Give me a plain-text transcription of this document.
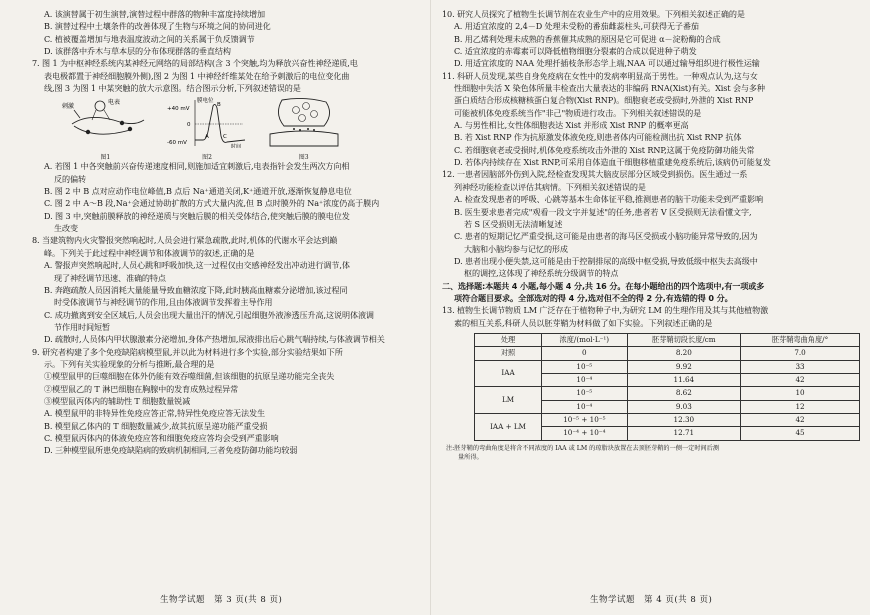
A. 该演替属于初生演替,演替过程中群落的物种丰富度持续增加
B. 演替过程中土壤条件的改善体现了生物与环境之间的协同进化
C. 植被覆盖增加与地表温度波动之间的关系属于负反馈调节
D. 该群落中乔木与草本层的分布体现群落的垂直结构
7. 图 1 为中枢神经系统内某神经元网络的局部结构(含 3 个突触,均为释放兴奋性神经递质,电
表电极都置于神经细胞膜外侧),图 2 为图 1 中神经纤维某处在给予刺激后的电位变化曲
线,图 3 为图 1 中某突触的放大示意图。结合图示分析,下列叙述错误的是
刺激
电表
图1
膜电位
+40 mV
0
-60 mV
A
B
C
时间
图2	图3
A. 若图 1 中各突触前兴奋传递速度相同,则施加适宜刺激后,电表指针会发生两次方向相
反的偏转
B. 图 2 中 B 点对应动作电位峰值,B 点后 Na⁺通道关闭,K⁺通道开放,逐渐恢复静息电位
C. 图 2 中 A～B 段,Na⁺会通过协助扩散的方式大量内流,但 B 点时膜外的 Na⁺浓度仍高于膜内
D. 图 3 中,突触前膜释放的神经递质与突触后膜的相关受体结合,使突触后膜的膜电位发
生改变
8. 当建筑物内火灾警报突然响起时,人员会进行紧急疏散,此时,机体的代谢水平会达到巅
峰。下列关于此过程中神经调节和体液调节的叙述,正确的是
A. 警报声突然响起时,人员心跳和呼吸加快,这一过程仅由交感神经发出冲动进行调节,体
现了神经调节迅速、准确的特点
B. 奔跑疏散人员因消耗大量能量导致血糖浓度下降,此时胰高血糖素分泌增加,该过程同
时受体液调节与神经调节的作用,且由体液调节发挥着主导作用
C. 成功撤离到安全区域后,人员会出现大量出汗的情况,引起细胞外液渗透压升高,这说明体液调
节作用时间短暂
D. 疏散时,人员体内甲状腺激素分泌增加,身体产热增加,尿液排出后心跳气喘持续,与体液调节相关
9. 研究者构建了多个免疫缺陷病模型鼠,并以此为材料进行多个实验,部分实验结果如下所
示。下列有关实验现象的分析与推断,最合理的是
①模型鼠甲的巨噬细胞在体外仍能有效吞噬细菌,但该细胞的抗原呈递功能完全丧失
②模型鼠乙的 T 淋巴细胞在胸腺中的发育成熟过程异常
③模型鼠丙体内的辅助性 T 细胞数量锐减
A. 模型鼠甲的非特异性免疫应答正常,特异性免疫应答无法发生
B. 模型鼠乙体内的 T 细胞数量减少,故其抗原呈递功能严重受损
C. 模型鼠丙体内的体液免疫应答和细胞免疫应答均会受到严重影响
D. 三种模型鼠所患免疫缺陷病的致病机制相同,三者免疫防御功能均较弱
10. 研究人员探究了植物生长调节剂在农业生产中的应用效果。下列相关叙述正确的是
A. 用适宜浓度的 2,4－D 处理未受粉的番茄雌蕊柱头,可获得无子番茄
B. 用乙烯利处理未成熟的香蕉催其成熟的原因是它可促进 α－淀粉酶的合成
C. 适宜浓度的赤霉素可以降低植物细胞分裂素的合成以促进种子萌发
D. 用适宜浓度的 NAA 处理扦插枝条形态学上端,NAA 可以通过输导组织进行极性运输
11. 科研人员发现,某些自身免疫病在女性中的发病率明显高于男性。一种观点认为,这与女
性细胞中失活 X 染色体所量丰检查出大量表达的非编码 RNA(Xist)有关。Xist 会与多种
蛋白质结合形成核糖核蛋白复合物(Xist RNP)。细胞衰老或受损时,外泄的 Xist RNP
可能被机体免疫系统当作"非己"物质进行攻击。下列相关叙述错误的是
A. 与男性相比,女性体细胞表达 Xist 并形成 Xist RNP 的概率更高
B. 若 Xist RNP 作为抗原激发体液免疫,则患者体内可能检测出抗 Xist RNP 抗体
C. 若细胞衰老或受损时,机体免疫系统攻击外泄的 Xist RNP,这属于免疫防御功能失常
D. 若体内持续存在 Xist RNP,可采用自体造血干细胞移植重建免疫系统后,该病仍可能复发
12. 一患者因脑部外伤到入院,经检查发现其大脑皮层部分区域受到损伤。医生通过一系
列神经功能检查以评估其病情。下列相关叙述错误的是
A. 检查发现患者的呼吸、心跳等基本生命体征平稳,推测患者的脑干功能未受到严重影响
B. 医生要求患者完成"观看一段文字并复述"的任务,患者若 V 区受损则无法看懂文字,
若 S 区受损则无法清晰复述
C. 患者的短期记忆严重受损,这可能是由患者的海马区受损或小脑功能异常导致的,因为
大脑和小脑均参与记忆的形成
D. 患者出现小便失禁,这可能是由于控制排尿的高级中枢受损,导致低级中枢失去高级中
枢的调控,这体现了神经系统分级调节的特点
二、选择题:本题共 4 小题,每小题 4 分,共 16 分。在每小题给出的四个选项中,有一项或多
项符合题目要求。全部选对的得 4 分,选对但不全的得 2 分,有选错的得 0 分。
13. 植物生长调节物质 LM 广泛存在于植物种子中,为研究 LM 的生理作用及其与其他植物激
素的相互关系,科研人员以胚芽鞘为材料做了如下实验。下列叙述正确的是
处理	浓度/(mol·L⁻¹)	胚芽鞘切段长度/cm	胚芽鞘弯曲角度/°
对照	0	8.20	7.0
IAA	10⁻⁵	9.92	33
	10⁻⁴	11.64	42
LM	10⁻⁵	8.62	10
	10⁻⁴	9.03	12
IAA + LM	10⁻⁵ + 10⁻⁵	12.30	42
	10⁻⁴ + 10⁻⁴	12.71	45
注:胚芽鞘的弯曲角度是将含不同浓度的 IAA 或 LM 的琼脂块放置在去顶胚芽鞘的一侧一定时间后测
量所得。
生物学试题　第 3 页(共 8 页)	生物学试题　第 4 页(共 8 页)
